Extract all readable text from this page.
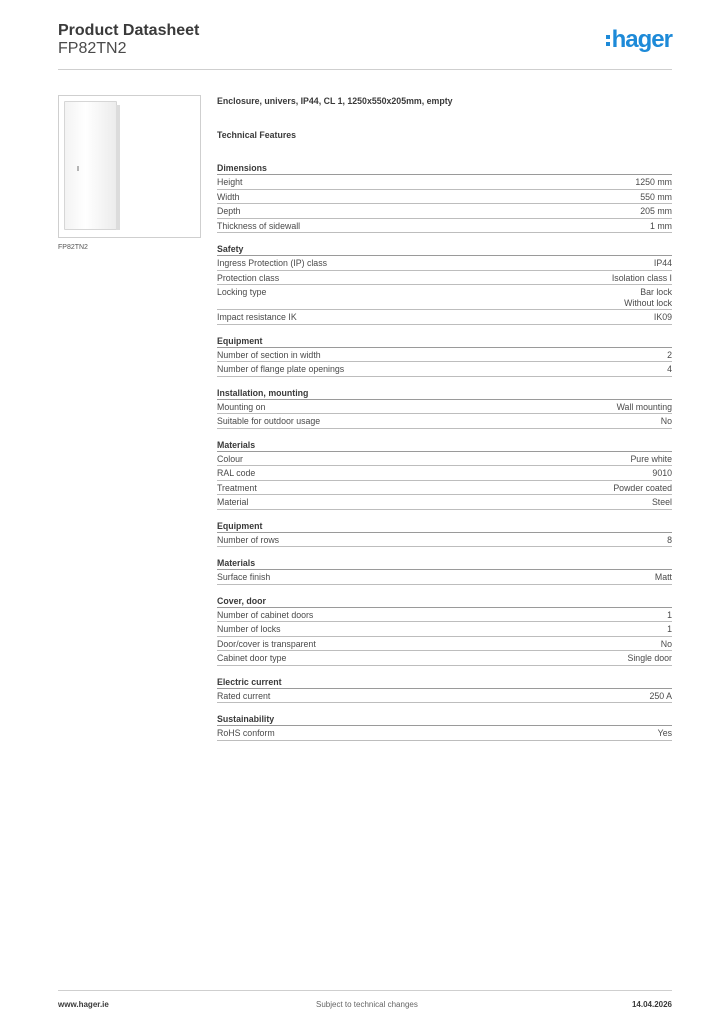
Product Datasheet
FP82TN2	hager
FP82TN2
Enclosure, univers, IP44, CL 1, 1250x550x205mm, empty
Technical Features
Dimensions
Height	1250 mm
Width	550 mm
Depth	205 mm
Thickness of sidewall	1 mm
Safety
Ingress Protection (IP) class	IP44
Protection class	Isolation class I
Locking type	Bar lock
Without lock
Impact resistance IK	IK09
Equipment
Number of section in width	2
Number of flange plate openings	4
Installation, mounting
Mounting on	Wall mounting
Suitable for outdoor usage	No
Materials
Colour	Pure white
RAL code	9010
Treatment	Powder coated
Material	Steel
Equipment
Number of rows	8
Materials
Surface finish	Matt
Cover, door
Number of cabinet doors	1
Number of locks	1
Door/cover is transparent	No
Cabinet door type	Single door
Electric current
Rated current	250 A
Sustainability
RoHS conform	Yes
www.hager.ie	Subject to technical changes	14.04.2026
